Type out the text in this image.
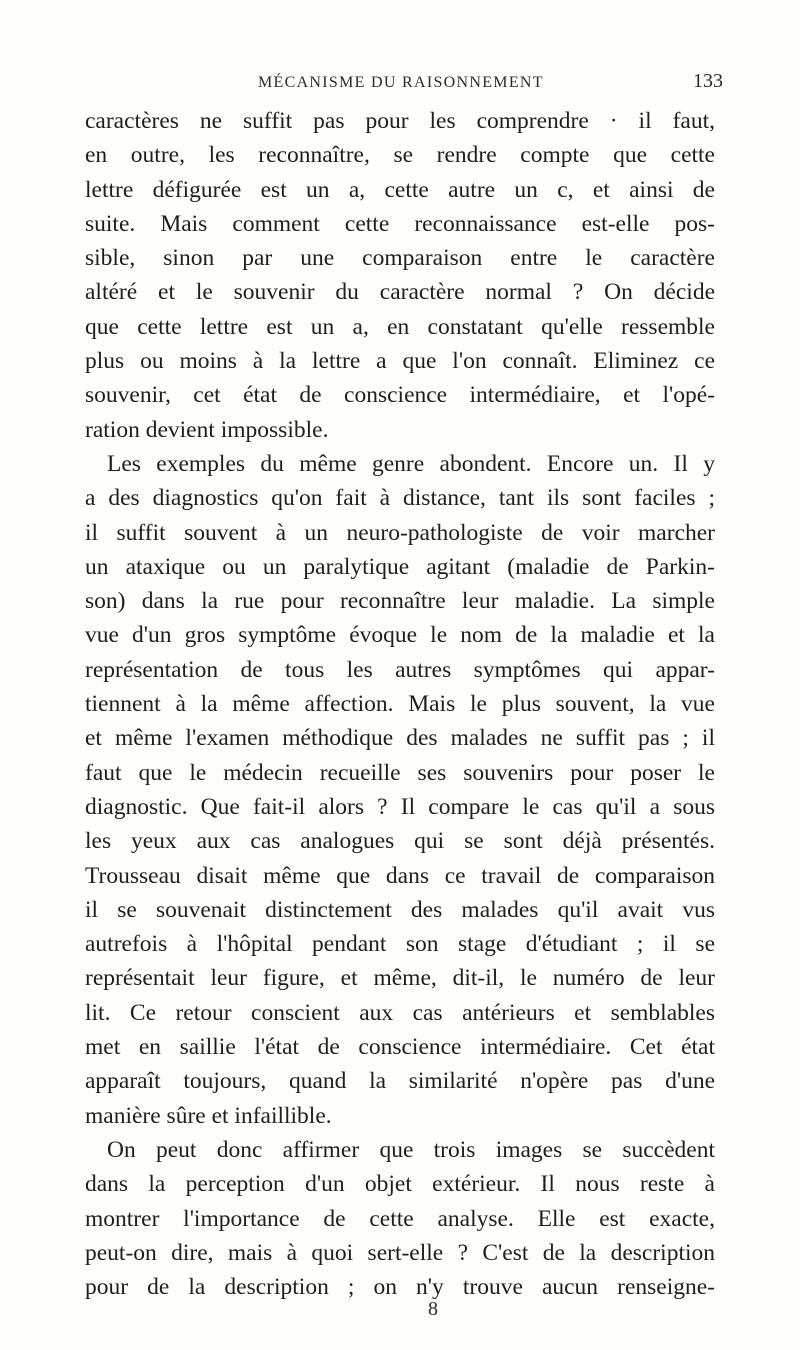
MÉCANISME DU RAISONNEMENT	133
caractères ne suffit pas pour les comprendre · il faut,
en outre, les reconnaître, se rendre compte que cette
lettre défigurée est un a, cette autre un c, et ainsi de
suite. Mais comment cette reconnaissance est-elle pos-
sible, sinon par une comparaison entre le caractère
altéré et le souvenir du caractère normal ? On décide
que cette lettre est un a, en constatant qu'elle ressemble
plus ou moins à la lettre a que l'on connaît. Eliminez ce
souvenir, cet état de conscience intermédiaire, et l'opé-
ration devient impossible.
Les exemples du même genre abondent. Encore un. Il y
a des diagnostics qu'on fait à distance, tant ils sont faciles ;
il suffit souvent à un neuro-pathologiste de voir marcher
un ataxique ou un paralytique agitant (maladie de Parkin-
son) dans la rue pour reconnaître leur maladie. La simple
vue d'un gros symptôme évoque le nom de la maladie et la
représentation de tous les autres symptômes qui appar-
tiennent à la même affection. Mais le plus souvent, la vue
et même l'examen méthodique des malades ne suffit pas ; il
faut que le médecin recueille ses souvenirs pour poser le
diagnostic. Que fait-il alors ? Il compare le cas qu'il a sous
les yeux aux cas analogues qui se sont déjà présentés.
Trousseau disait même que dans ce travail de comparaison
il se souvenait distinctement des malades qu'il avait vus
autrefois à l'hôpital pendant son stage d'étudiant ; il se
représentait leur figure, et même, dit-il, le numéro de leur
lit. Ce retour conscient aux cas antérieurs et semblables
met en saillie l'état de conscience intermédiaire. Cet état
apparaît toujours, quand la similarité n'opère pas d'une
manière sûre et infaillible.
On peut donc affirmer que trois images se succèdent
dans la perception d'un objet extérieur. Il nous reste à
montrer l'importance de cette analyse. Elle est exacte,
peut-on dire, mais à quoi sert-elle ? C'est de la description
pour de la description ; on n'y trouve aucun renseigne-
8
